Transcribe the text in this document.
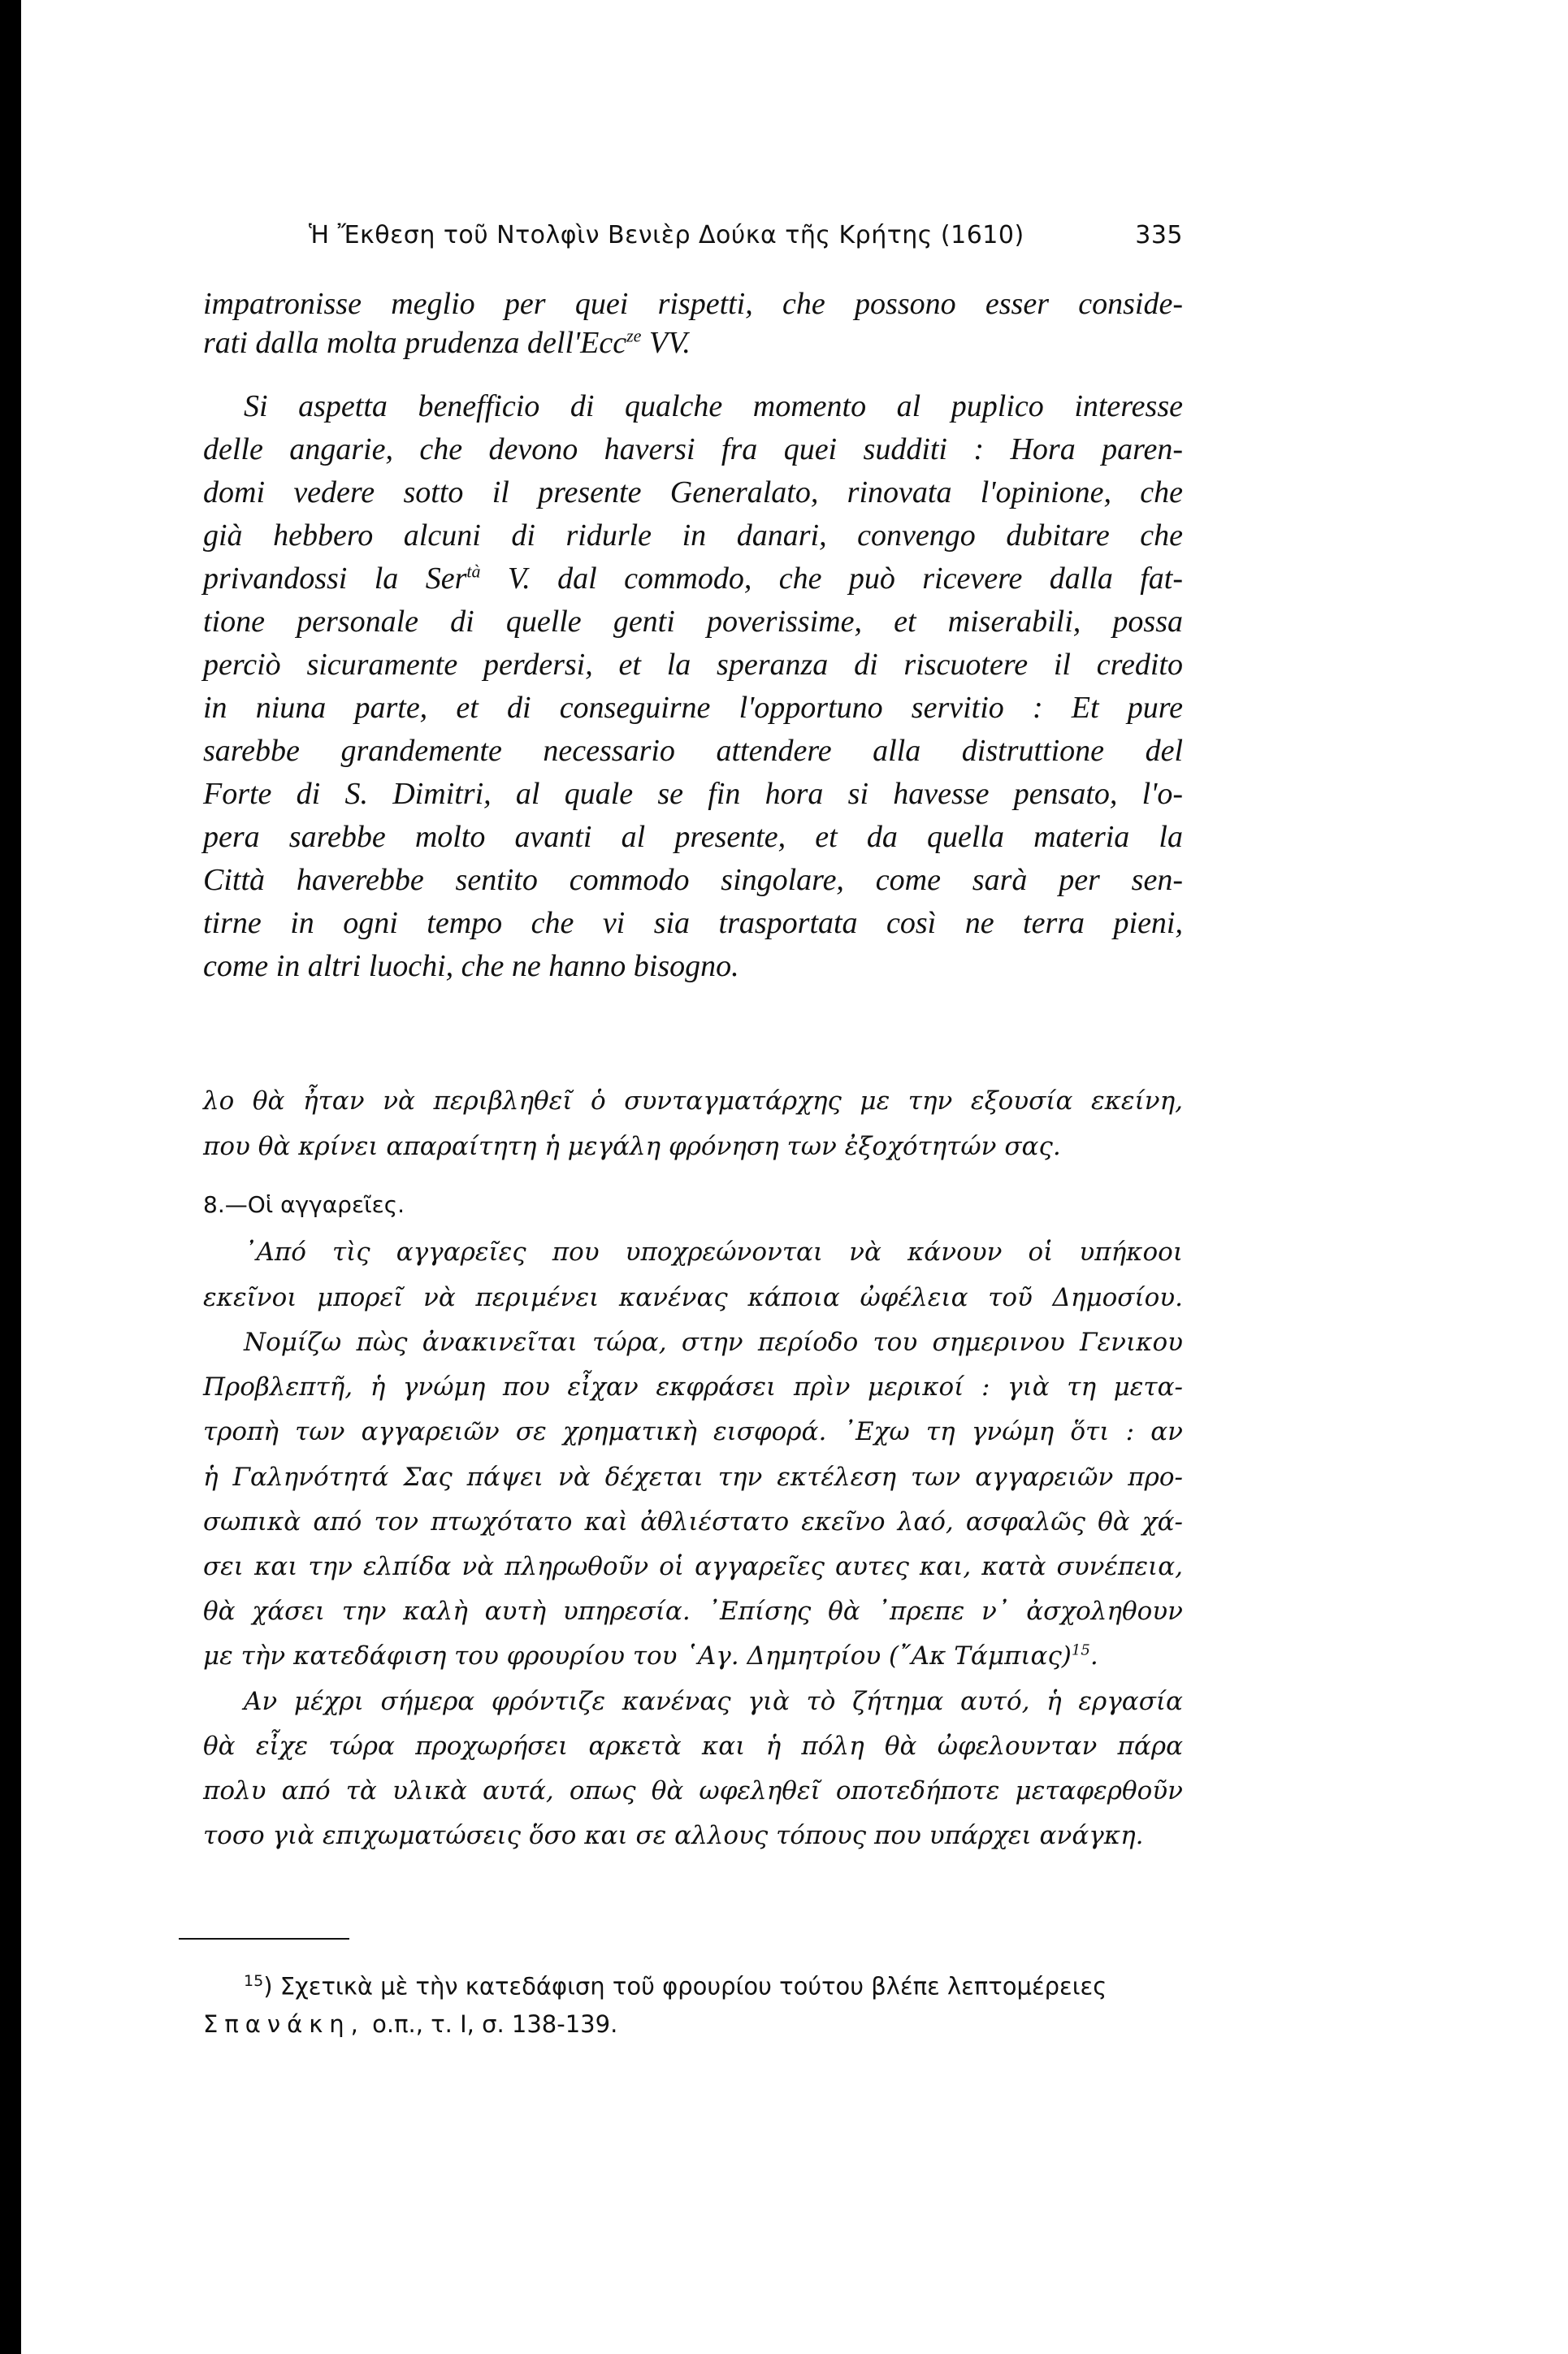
Ἡ Ἔκθεση τοῦ Ντολφὶν Βενιὲρ Δούκα τῆς Κρήτης (1610)	335
impatronisse meglio per quei rispetti, che possono esser conside-
rati dalla molta prudenza dell'Ecc$^{ze}$ VV.
Si aspetta benefficio di qualche momento al puplico interesse
delle angarie, che devono haversi fra quei sudditi : Hora paren-
domi vedere sotto il presente Generalato, rinovata l'opinione, che
già hebbero alcuni di ridurle in danari, convengo dubitare che
privandossi la Ser$^{tà}$ V. dal commodo, che può ricevere dalla fat-
tione personale di quelle genti poverissime, et miserabili, possa
perciò sicuramente perdersi, et la speranza di riscuotere il credito
in niuna parte, et di conseguirne l'opportuno servitio : Et pure
sarebbe grandemente necessario attendere alla distruttione del
Forte di S. Dimitri, al quale se fin hora si havesse pensato, l'o-
pera sarebbe molto avanti al presente, et da quella materia la
Città haverebbe sentito commodo singolare, come sarà per sen-
tirne in ogni tempo che vi sia trasportata così ne terra pieni,
come in altri luochi, che ne hanno bisogno.
λο θὰ ἦταν νὰ περιβληθεῖ ὁ συνταγματάρχης με την εξουσία εκείνη,
που θὰ κρίνει απαραίτητη ἡ μεγάλη φρόνηση των ἐξοχότητών σας.
8.—Οἱ αγγαρεῖες.
᾿Από τὶς αγγαρεῖες που υποχρεώνονται νὰ κάνουν οἱ υπήκοοι
εκεῖνοι μπορεῖ νὰ περιμένει κανένας κάποια ὠφέλεια τοῦ Δημοσίου.
Νομίζω πὼς ἀνακινεῖται τώρα, στην περίοδο του σημερινου Γενικου
Προβλεπτῆ, ἡ γνώμη που εἶχαν εκφράσει πρὶν μερικοί : γιὰ τη μετα-
τροπὴ των αγγαρειῶν σε χρηματικὴ εισφορά. ᾿Εχω τη γνώμη ὅτι : αν
ἡ Γαληνότητά Σας πάψει νὰ δέχεται την εκτέλεση των αγγαρειῶν προ-
σωπικὰ από τον πτωχότατο καὶ ἀθλιέστατο εκεῖνο λαό, ασφαλῶς θὰ χά-
σει και την ελπίδα νὰ πληρωθοῦν οἱ αγγαρεῖες αυτες και, κατὰ συνέπεια,
θὰ χάσει την καλὴ αυτὴ υπηρεσία. ᾿Επίσης θὰ ᾿πρεπε ν᾿ ἀσχοληθουν
με τὴν κατεδάφιση του φρουρίου του ῾Αγ. Δημητρίου (῎Ακ Τάμπιας)$^{15}$.
Αν μέχρι σήμερα φρόντιζε κανένας γιὰ τὸ ζήτημα αυτό, ἡ εργασία
θὰ εἶχε τώρα προχωρήσει αρκετὰ και ἡ πόλη θὰ ὠφελουνταν πάρα
πολυ από τὰ υλικὰ αυτά, οπως θὰ ωφεληθεῖ οποτεδήποτε μεταφερθοῦν
τοσο γιὰ επιχωματώσεις ὅσο και σε αλλους τόπους που υπάρχει ανάγκη.
$^{15}$) Σχετικὰ μὲ τὴν κατεδάφιση τοῦ φρουρίου τούτου βλέπε λεπτομέρειες
Σπανάκη, ο.π., τ. I, σ. 138-139.
